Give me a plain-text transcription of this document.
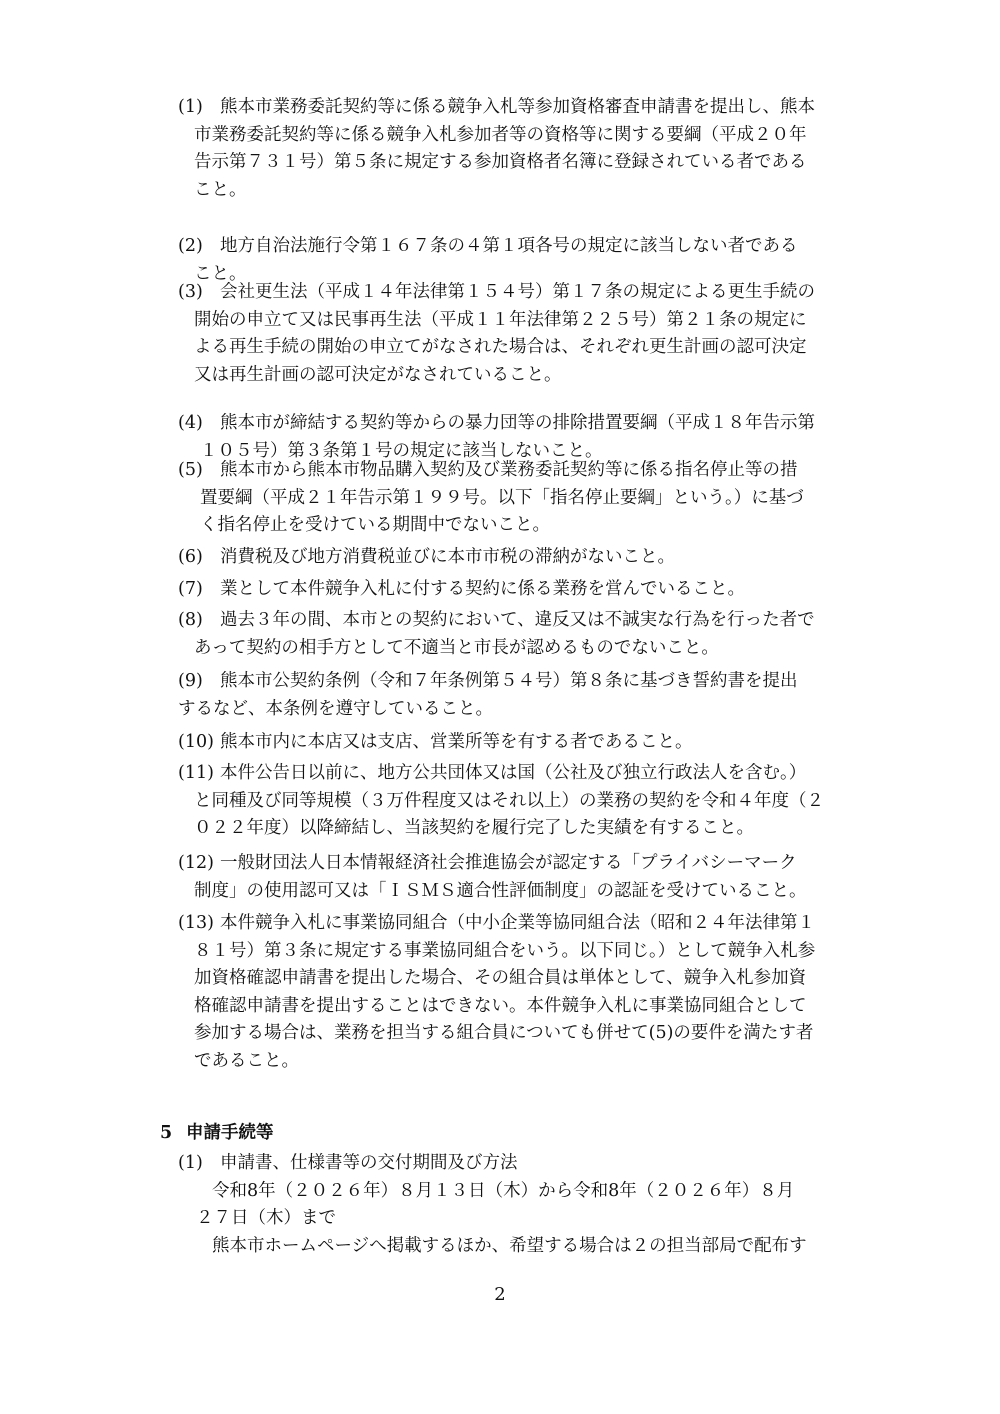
(1) 熊本市業務委託契約等に係る競争入札等参加資格審査申請書を提出し、熊本
市業務委託契約等に係る競争入札参加者等の資格等に関する要綱（平成２０年
告示第７３１号）第５条に規定する参加資格者名簿に登録されている者である
こと。
(2) 地方自治法施行令第１６７条の４第１項各号の規定に該当しない者である
こと。
(3) 会社更生法（平成１４年法律第１５４号）第１７条の規定による更生手続の
開始の申立て又は民事再生法（平成１１年法律第２２５号）第２１条の規定に
よる再生手続の開始の申立てがなされた場合は、それぞれ更生計画の認可決定
又は再生計画の認可決定がなされていること。
(4) 熊本市が締結する契約等からの暴力団等の排除措置要綱（平成１８年告示第
１０５号）第３条第１号の規定に該当しないこと。
(5) 熊本市から熊本市物品購入契約及び業務委託契約等に係る指名停止等の措
置要綱（平成２１年告示第１９９号。以下「指名停止要綱」という。）に基づ
く指名停止を受けている期間中でないこと。
(6) 消費税及び地方消費税並びに本市市税の滞納がないこと。
(7) 業として本件競争入札に付する契約に係る業務を営んでいること。
(8) 過去３年の間、本市との契約において、違反又は不誠実な行為を行った者で
あって契約の相手方として不適当と市長が認めるものでないこと。
(9) 熊本市公契約条例（令和７年条例第５４号）第８条に基づき誓約書を提出
するなど、本条例を遵守していること。
(10) 熊本市内に本店又は支店、営業所等を有する者であること。
(11) 本件公告日以前に、地方公共団体又は国（公社及び独立行政法人を含む。）
と同種及び同等規模（３万件程度又はそれ以上）の業務の契約を令和４年度（２
０２２年度）以降締結し、当該契約を履行完了した実績を有すること。
(12) 一般財団法人日本情報経済社会推進協会が認定する「プライバシーマーク
制度」の使用認可又は「ＩＳＭＳ適合性評価制度」の認証を受けていること。
(13) 本件競争入札に事業協同組合（中小企業等協同組合法（昭和２４年法律第１
８１号）第３条に規定する事業協同組合をいう。以下同じ。）として競争入札参
加資格確認申請書を提出した場合、その組合員は単体として、競争入札参加資
格確認申請書を提出することはできない。本件競争入札に事業協同組合として
参加する場合は、業務を担当する組合員についても併せて(5)の要件を満たす者
であること。
5 申請手続等
(1) 申請書、仕様書等の交付期間及び方法
令和8年（２０２６年）８月１３日（木）から令和8年（２０２６年）８月
２７日（木）まで
熊本市ホームページへ掲載するほか、希望する場合は２の担当部局で配布す
2
